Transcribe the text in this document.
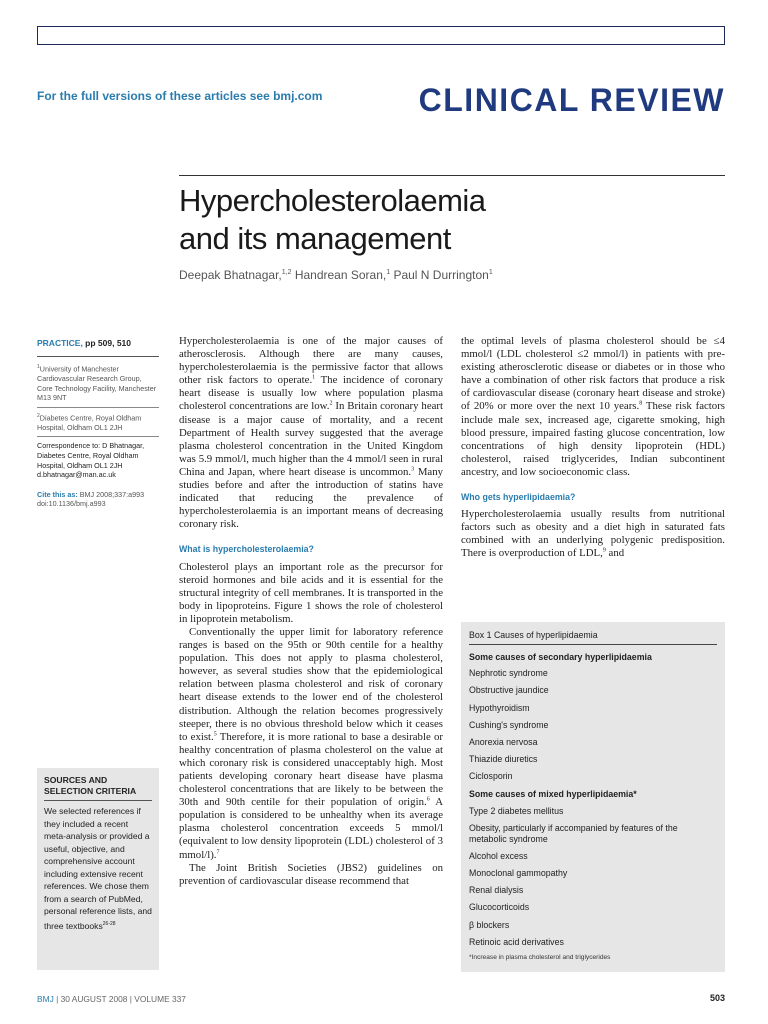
For the full versions of these articles see bmj.com	CLINICAL REVIEW
Hypercholesterolaemia
and its management
Deepak Bhatnagar,$^{1,2}$ Handrean Soran,$^1$ Paul N Durrington$^1$
PRACTICE, pp 509, 510
$^1$University of Manchester Cardiovascular Research Group, Core Technology Facility, Manchester M13 9NT
$^2$Diabetes Centre, Royal Oldham Hospital, Oldham OL1 2JH
Correspondence to: D Bhatnagar, Diabetes Centre, Royal Oldham Hospital, Oldham OL1 2JH d.bhatnagar@man.ac.uk
Cite this as: BMJ 2008;337:a993
doi:10.1136/bmj.a993
SOURCES AND SELECTION CRITERIA
We selected references if they included a recent meta-analysis or provided a useful, objective, and comprehensive account including extensive recent references. We chose them from a search of PubMed, personal reference lists, and three textbooks$^{26-28}$

Hypercholesterolaemia is one of the major causes of atherosclerosis. Although there are many causes, hypercholesterolaemia is the permissive factor that allows other risk factors to operate.$^1$ The incidence of coronary heart disease is usually low where population plasma cholesterol concentrations are low.$^2$ In Britain coronary heart disease is a major cause of mortality, and a recent Department of Health survey suggested that the average plasma cholesterol concentration in the United Kingdom was 5.9 mmol/l, much higher than the 4 mmol/l seen in rural China and Japan, where heart disease is uncommon.$^3$ Many studies before and after the introduction of statins have indicated that reducing the prevalence of hypercholesterolaemia is an important means of decreasing coronary risk.

What is hypercholesterolaemia?

Cholesterol plays an important role as the precursor for steroid hormones and bile acids and it is essential for the structural integrity of cell membranes. It is transported in the body in lipoproteins. Figure 1 shows the role of cholesterol in lipoprotein metabolism.

Conventionally the upper limit for laboratory reference ranges is based on the 95th or 90th centile for a healthy population. This does not apply to plasma cholesterol, however, as several studies show that the epidemiological relation between plasma cholesterol and risk of coronary heart disease extends to the lower end of the cholesterol distribution. Although the relation becomes progressively steeper, there is no obvious threshold below which it ceases to exist.$^5$ Therefore, it is more rational to base a desirable or healthy concentration of plasma cholesterol on the value at which coronary risk is considered unacceptably high. Most patients developing coronary heart disease have plasma cholesterol concentrations that are likely to be between the 30th and 90th centile for their population of origin.$^6$ A population is considered to be unhealthy when its average plasma cholesterol concentration exceeds 5 mmol/l (equivalent to low density lipoprotein (LDL) cholesterol of 3 mmol/l).$^7$

The Joint British Societies (JBS2) guidelines on prevention of cardiovascular disease recommend that

the optimal levels of plasma cholesterol should be ≤4 mmol/l (LDL cholesterol ≤2 mmol/l) in patients with pre-existing atherosclerotic disease or diabetes or in those who have a combination of other risk factors that produce a risk of cardiovascular disease (coronary heart disease and stroke) of 20% or more over the next 10 years.$^8$ These risk factors include male sex, increased age, cigarette smoking, high blood pressure, impaired fasting glucose concentration, low concentrations of high density lipoprotein (HDL) cholesterol, raised triglycerides, Indian subcontinent ancestry, and low socioeconomic class.

Who gets hyperlipidaemia?

Hypercholesterolaemia usually results from nutritional factors such as obesity and a diet high in saturated fats combined with an underlying polygenic predisposition. There is overproduction of LDL,$^9$ and

Box 1 Causes of hyperlipidaemia
Some causes of secondary hyperlipidaemia
Nephrotic syndrome
Obstructive jaundice
Hypothyroidism
Cushing's syndrome
Anorexia nervosa
Thiazide diuretics
Ciclosporin
Some causes of mixed hyperlipidaemia*
Type 2 diabetes mellitus
Obesity, particularly if accompanied by features of the metabolic syndrome
Alcohol excess
Monoclonal gammopathy
Renal dialysis
Glucocorticoids
β blockers
Retinoic acid derivatives
*Increase in plasma cholesterol and triglycerides
BMJ | 30 AUGUST 2008 | VOLUME 337	503
